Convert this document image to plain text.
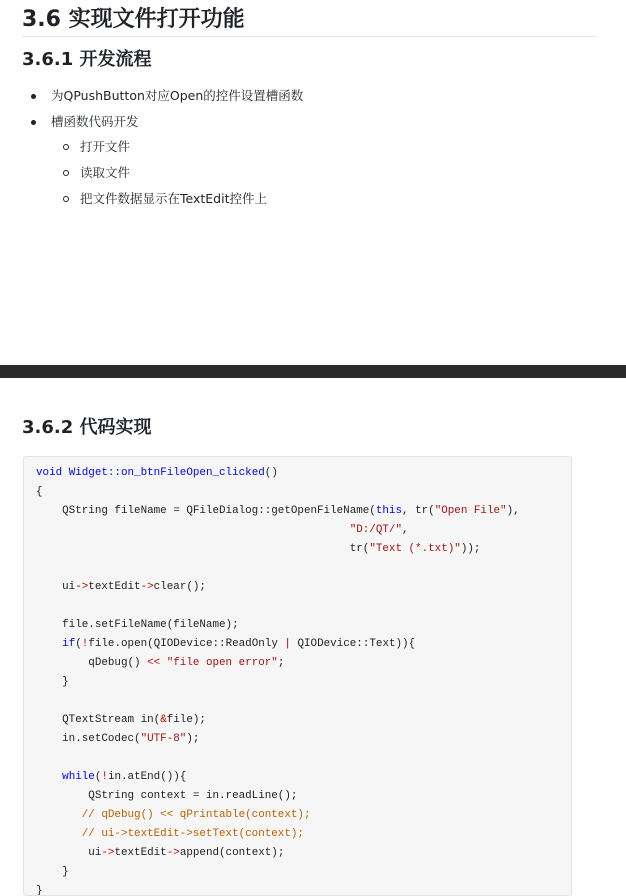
3.6 实现文件打开功能
3.6.1 开发流程
为QPushButton对应Open的控件设置槽函数
槽函数代码开发
打开文件
读取文件
把文件数据显示在TextEdit控件上
3.6.2 代码实现
void Widget::on_btnFileOpen_clicked()
{
QString fileName = QFileDialog::getOpenFileName(this, tr("Open File"),
"D:/QT/",
tr("Text (*.txt)"));

ui->textEdit->clear();

file.setFileName(fileName);
if(!file.open(QIODevice::ReadOnly | QIODevice::Text)){
qDebug() << "file open error";
}

QTextStream in(&file);
in.setCodec("UTF-8");

while(!in.atEnd()){
QString context = in.readLine();
// qDebug() << qPrintable(context);
// ui->textEdit->setText(context);
ui->textEdit->append(context);
}
}
